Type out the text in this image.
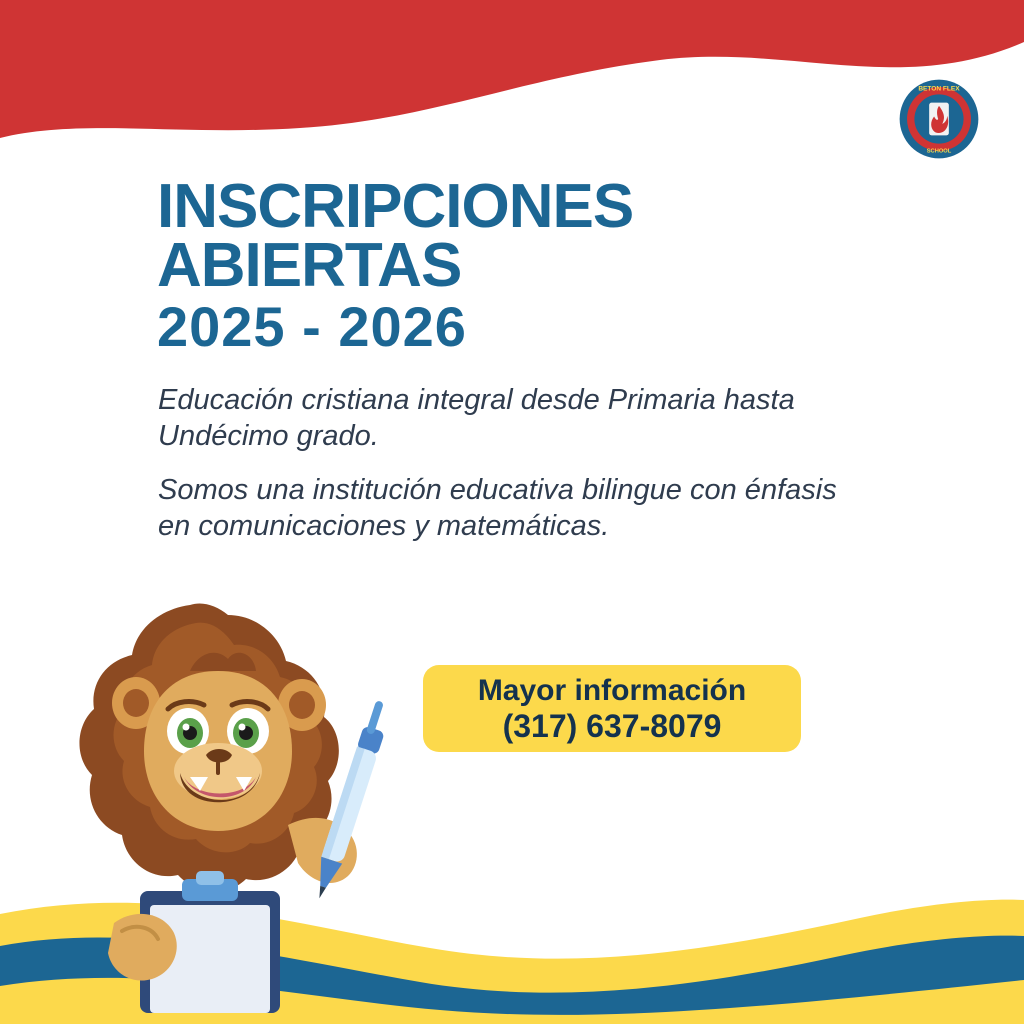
BETON FLEX
SCHOOL
INSCRIPCIONES
ABIERTAS
2025 - 2026

Educación cristiana integral desde Primaria hasta Undécimo grado.

Somos una institución educativa bilingue con énfasis en comunicaciones y matemáticas.

Mayor información
(317) 637-8079
